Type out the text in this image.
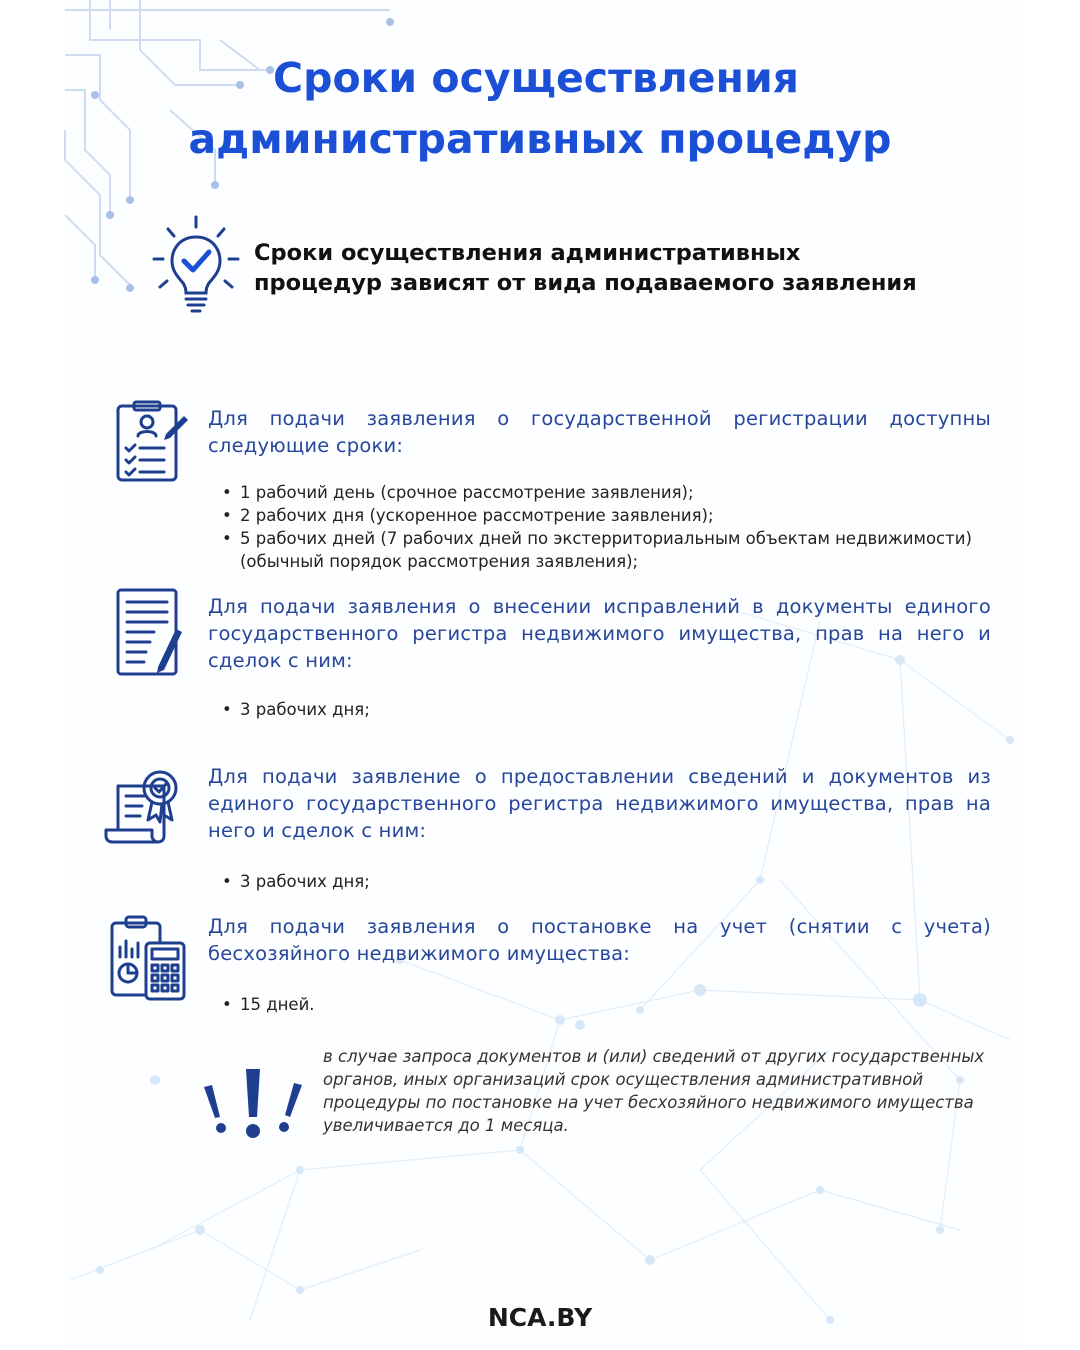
Сроки осуществления
административных процедур

Сроки осуществления административных
процедур зависят от вида подаваемого заявления

Для подачи заявления о государственной регистрации доступны следующие сроки:

• 1 рабочий день (срочное рассмотрение заявления);
• 2 рабочих дня (ускоренное рассмотрение заявления);
• 5 рабочих дней (7 рабочих дней по экстерриториальным объектам недвижимости) (обычный порядок рассмотрения заявления);

Для подачи заявления о внесении исправлений в документы единого государственного регистра недвижимого имущества, прав на него и сделок с ним:

• 3 рабочих дня;

Для подачи заявление о предоставлении сведений и документов из единого государственного регистра недвижимого имущества, прав на него и сделок с ним:

• 3 рабочих дня;

Для подачи заявления о постановке на учет (снятии с учета) бесхозяйного недвижимого имущества:

• 15 дней.

в случае запроса документов и (или) сведений от других государственных органов, иных организаций срок осуществления административной процедуры по постановке на учет бесхозяйного недвижимого имущества увеличивается до 1 месяца.

NCA.BY
